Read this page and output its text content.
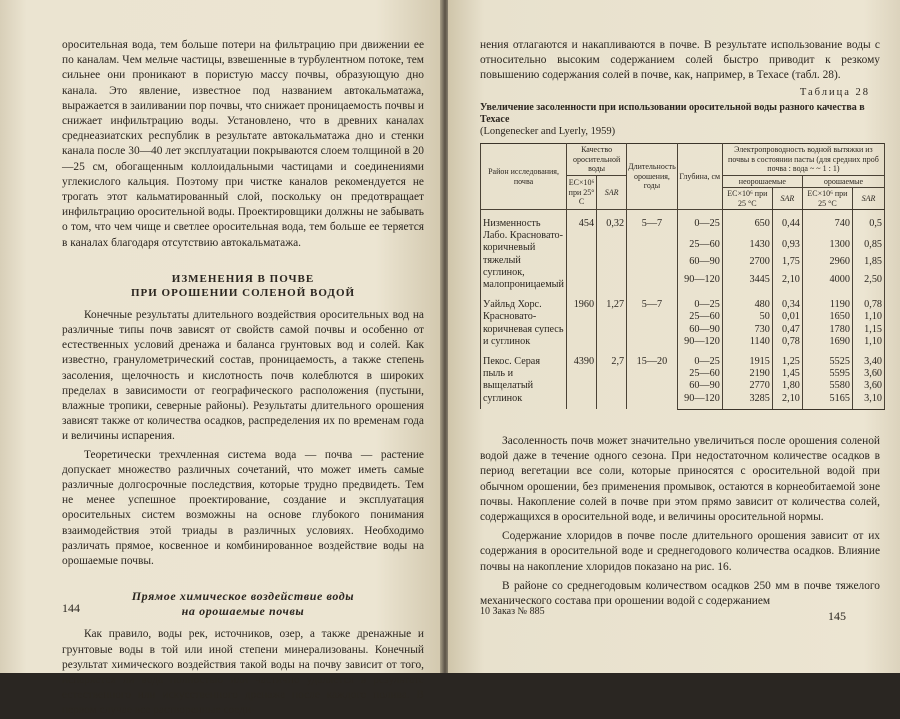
оросительная вода, тем больше потери на фильтрацию при движении ее по каналам. Чем мельче частицы, взвешенные в турбулентном потоке, тем сильнее они проникают в пористую массу почвы, образующую дно канала. Это явление, известное под названием автокальматажа, выражается в заиливании пор почвы, что снижает проницаемость почвы и снижает инфильтрацию воды. Установлено, что в древних каналах среднеазиатских республик в результате автокальматажа дно и стенки канала после 30—40 лет эксплуатации покрываются слоем толщиной в 20—25 см, обогащенным коллоидальными частицами и соединениями углекислого кальция. Поэтому при чистке каналов рекомендуется не трогать этот кальматированный слой, поскольку он предотвращает инфильтрацию оросительной воды. Проектировщики должны не забывать о том, что чем чище и светлее оросительная вода, тем больше ее теряется в каналах благодаря отсутствию автокальматажа.

ИЗМЕНЕНИЯ В ПОЧВЕ
ПРИ ОРОШЕНИИ СОЛЕНОЙ ВОДОЙ

Конечные результаты длительного воздействия оросительных вод на различные типы почв зависят от свойств самой почвы и особенно от естественных условий дренажа и баланса грунтовых вод и солей. Как известно, гранулометрический состав, проницаемость, а также степень засоления, щелочность и кислотность почв колеблются в широких пределах в зависимости от географического расположения (пустыни, влажные тропики, северные районы). Результаты длительного орошения зависят также от количества осадков, распределения их по временам года и величины испарения.

Теоретически трехчленная система вода — почва — растение допускает множество различных сочетаний, что может иметь самые различные долгосрочные последствия, которые трудно предвидеть. Тем не менее успешное проектирование, создание и эксплуатация оросительных систем возможны на основе глубокого понимания взаимодействия этой триады в различных условиях. Необходимо различать прямое, косвенное и комбинированное воздействие воды на орошаемые почвы.

Прямое химическое воздействие воды
на орошаемые почвы

Как правило, воды рек, источников, озер, а также дренажные и грунтовые воды в той или иной степени минерализованы. Конечный результат химического воздействия такой воды на почву зависит от того, испаряется ли вода полностью или частично удаляется в результате естественного или искусственного дренажа после каждого полива. В первом случае все растворенные соеди-

144

нения отлагаются и накапливаются в почве. В результате использование воды с относительно высоким содержанием солей быстро приводит к резкому повышению содержания солей в почве, как, например, в Техасе (табл. 28).

Таблица 28
Увеличение засоленности при использовании оросительной воды разного качества в Техасе
(Longenecker and Lyerly, 1959)
Район исследования, почва	Качество оросительной воды		Длительность орошения, годы	Глубина, см	Электропроводность водной вытяжки из почвы в состоянии пасты (для средних проб почва : вода ~ ~ 1 : 1)			
	EC×10⁶ при 25° C	SAR			неорошаемые		орошаемые	
					EC×10⁶ при 25 °C	SAR	EC×10⁶ при 25 °C	SAR
Низменность Лабо. Красновато-коричневый тяжелый суглинок, малопроницаемый	454	0,32	5—7	0—25	650	0,44	740	0,5
				25—60	1430	0,93	1300	0,85
				60—90	2700	1,75	2960	1,85
				90—120	3445	2,10	4000	2,50
Уайльд Хорс. Красновато-коричневая супесь и суглинок	1960	1,27	5—7	0—25	480	0,34	1190	0,78
				25—60	50	0,01	1650	1,10
				60—90	730	0,47	1780	1,15
				90—120	1140	0,78	1690	1,10
Пекос. Серая пыль и выщелатый суглинок	4390	2,7	15—20	0—25	1915	1,25	5525	3,40
				25—60	2190	1,45	5595	3,60
				60—90	2770	1,80	5580	3,60
				90—120	3285	2,10	5165	3,10

Засоленность почв может значительно увеличиться после орошения соленой водой даже в течение одного сезона. При недостаточном количестве осадков в период вегетации все соли, которые приносятся с оросительной водой при обычном орошении, без применения промывок, остаются в корнеобитаемой зоне почвы. Накопление солей в почве при этом прямо зависит от количества солей, содержащихся в оросительной воде, и величины оросительной нормы.

Содержание хлоридов в почве после длительного орошения зависит от их содержания в оросительной воде и среднегодового количества осадков. Влияние почвы на накопление хлоридов показано на рис. 16.

В районе со среднегодовым количеством осадков 250 мм в почве тяжелого механического состава при орошении водой с содержанием

10 Заказ № 885	145
